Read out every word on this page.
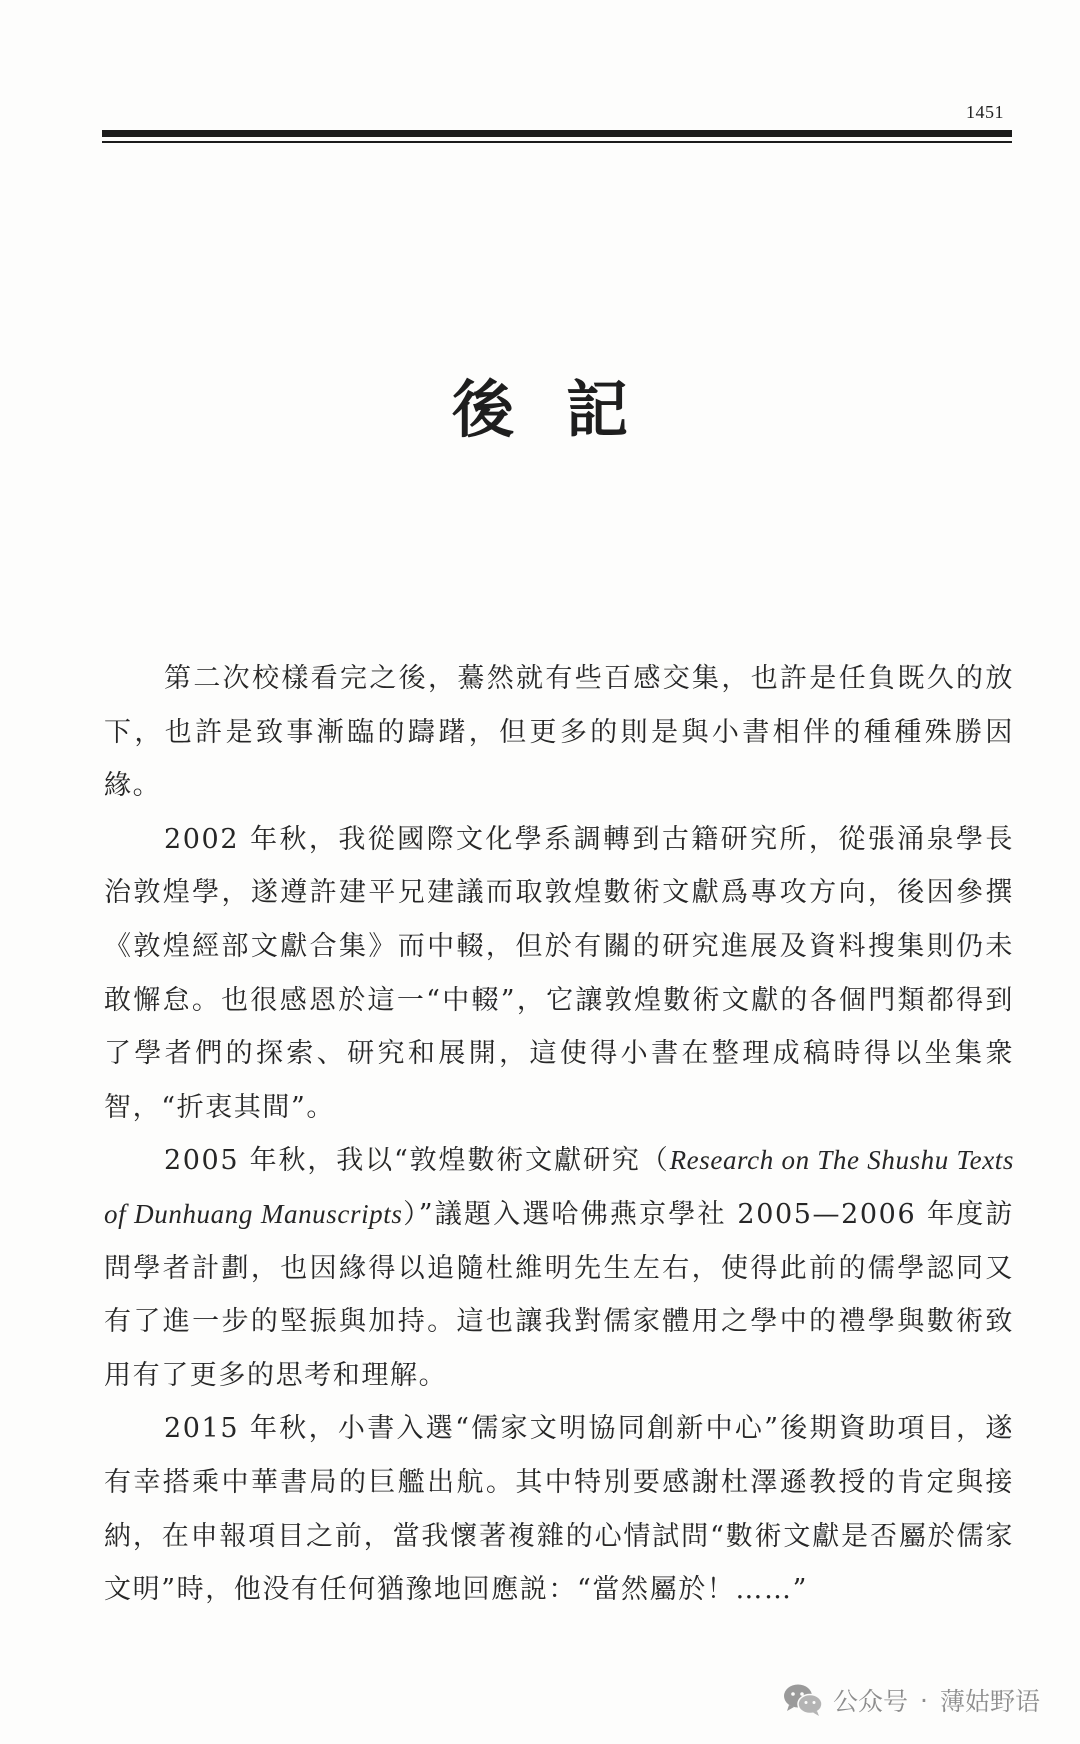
1451
後 記

第二次校樣看完之後，驀然就有些百感交集，也許是任負既久的放下，也許是致事漸臨的躊躇，但更多的則是與小書相伴的種種殊勝因緣。

2002 年秋，我從國際文化學系調轉到古籍研究所，從張涌泉學長治敦煌學，遂遵許建平兄建議而取敦煌數術文獻爲專攻方向，後因參撰《敦煌經部文獻合集》而中輟，但於有關的研究進展及資料搜集則仍未敢懈怠。也很感恩於這一“中輟”，它讓敦煌數術文獻的各個門類都得到了學者們的探索、研究和展開，這使得小書在整理成稿時得以坐集衆智，“折衷其間”。

2005 年秋，我以“敦煌數術文獻研究（Research on The Shushu Texts of Dunhuang Manuscripts）”議題入選哈佛燕京學社 2005—2006 年度訪問學者計劃，也因緣得以追隨杜維明先生左右，使得此前的儒學認同又有了進一步的堅振與加持。這也讓我對儒家體用之學中的禮學與數術致用有了更多的思考和理解。

2015 年秋，小書入選“儒家文明協同創新中心”後期資助項目，遂有幸搭乘中華書局的巨艦出航。其中特別要感謝杜澤遜教授的肯定與接納，在申報項目之前，當我懷著複雜的心情試問“數術文獻是否屬於儒家文明”時，他没有任何猶豫地回應説：“當然屬於！……”

公众号 · 薄姑野语
